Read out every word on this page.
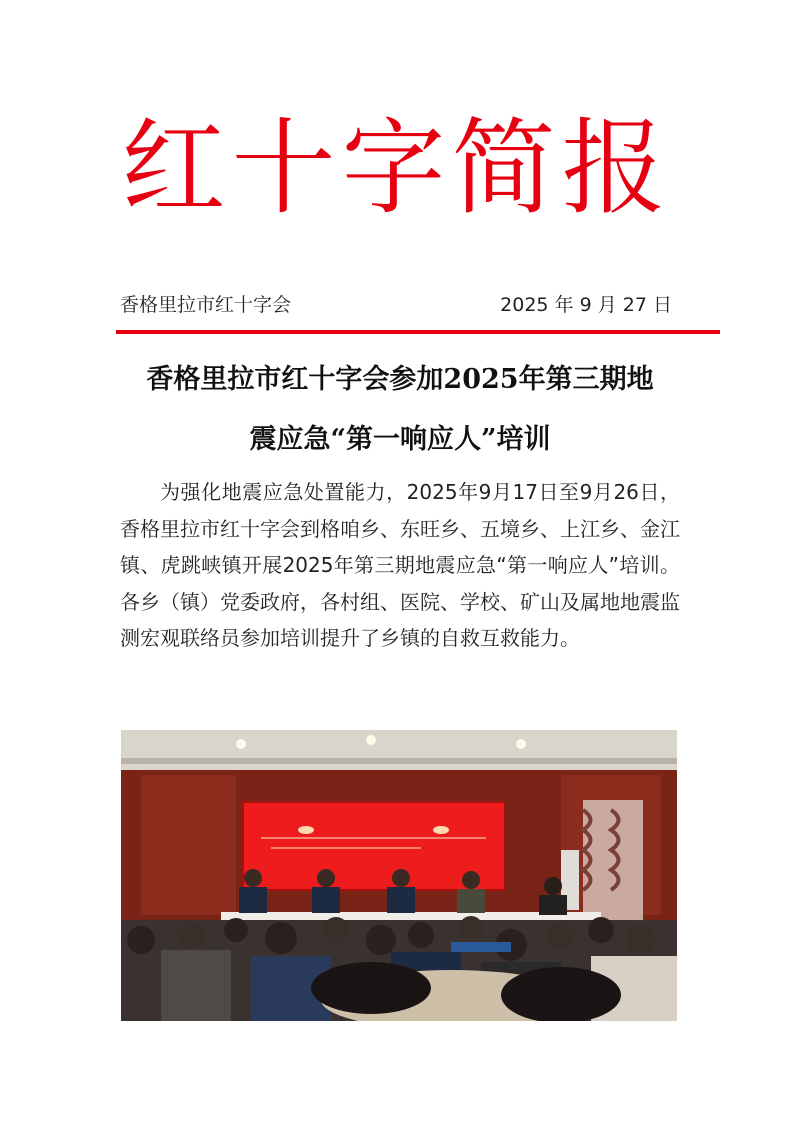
红十字简报
香格里拉市红十字会	2025 年 9 月 27 日
香格里拉市红十字会参加2025年第三期地
震应急“第一响应人”培训
为强化地震应急处置能力，2025年9月17日至9月26日，香格里拉市红十字会到格咱乡、东旺乡、五境乡、上江乡、金江镇、虎跳峡镇开展2025年第三期地震应急“第一响应人”培训。各乡（镇）党委政府，各村组、医院、学校、矿山及属地地震监测宏观联络员参加培训提升了乡镇的自救互救能力。
